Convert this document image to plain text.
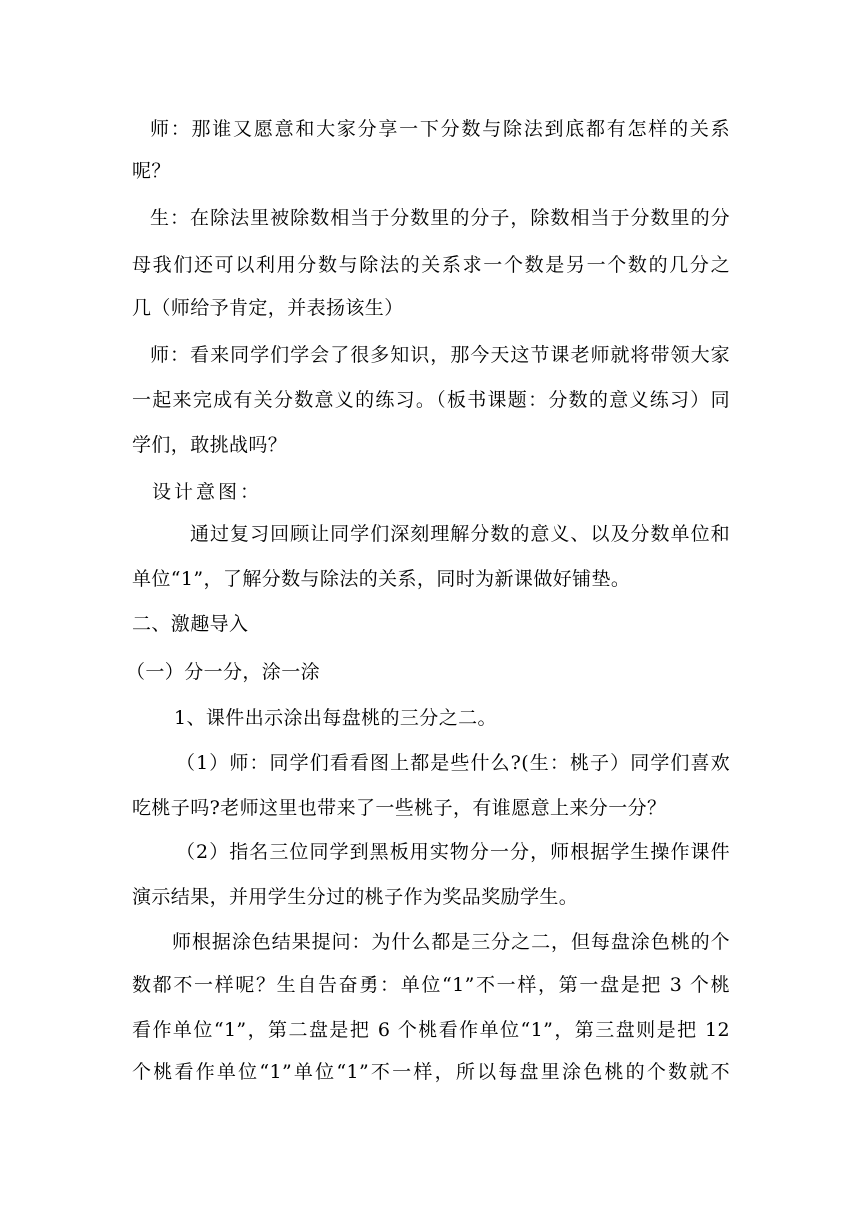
师：那谁又愿意和大家分享一下分数与除法到底都有怎样的关系
呢？
生：在除法里被除数相当于分数里的分子，除数相当于分数里的分
母我们还可以利用分数与除法的关系求一个数是另一个数的几分之
几（师给予肯定，并表扬该生）
师：看来同学们学会了很多知识，那今天这节课老师就将带领大家
一起来完成有关分数意义的练习。（板书课题：分数的意义练习）同
学们，敢挑战吗？
设计意图：
通过复习回顾让同学们深刻理解分数的意义、以及分数单位和
单位“1”，了解分数与除法的关系，同时为新课做好铺垫。
二、激趣导入
（一）分一分，涂一涂
1、课件出示涂出每盘桃的三分之二。
（1）师：同学们看看图上都是些什么?(生：桃子）同学们喜欢
吃桃子吗?老师这里也带来了一些桃子，有谁愿意上来分一分？
（2）指名三位同学到黑板用实物分一分，师根据学生操作课件
演示结果，并用学生分过的桃子作为奖品奖励学生。
师根据涂色结果提问：为什么都是三分之二，但每盘涂色桃的个
数都不一样呢？生自告奋勇：单位“1”不一样，第一盘是把 3 个桃
看作单位“1”，第二盘是把 6 个桃看作单位“1”，第三盘则是把 12
个桃看作单位“1”单位“1”不一样，所以每盘里涂色桃的个数就不
